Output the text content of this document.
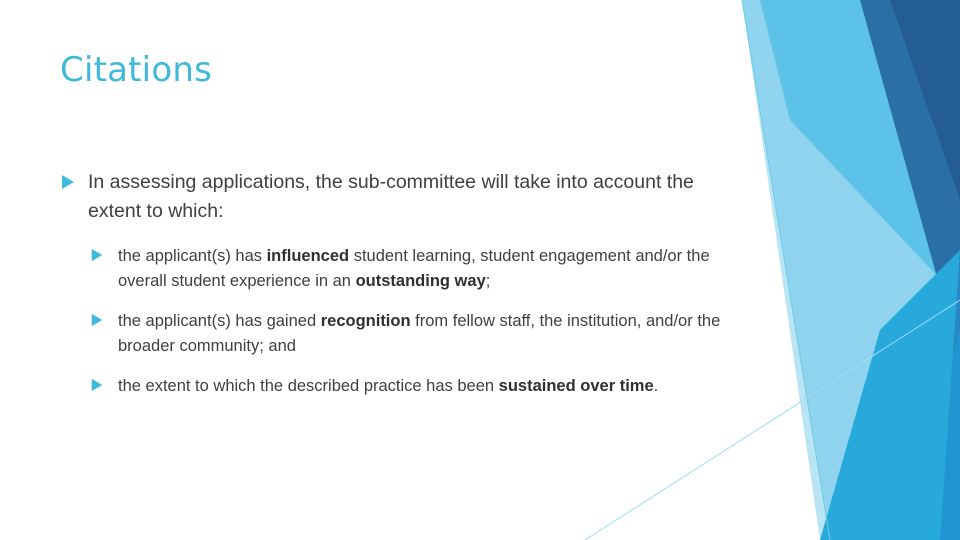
Citations
In assessing applications, the sub-committee will take into account the extent to which:
the applicant(s) has influenced student learning, student engagement and/or the overall student experience in an outstanding way;
the applicant(s) has gained recognition from fellow staff, the institution, and/or the broader community; and
the extent to which the described practice has been sustained over time.
